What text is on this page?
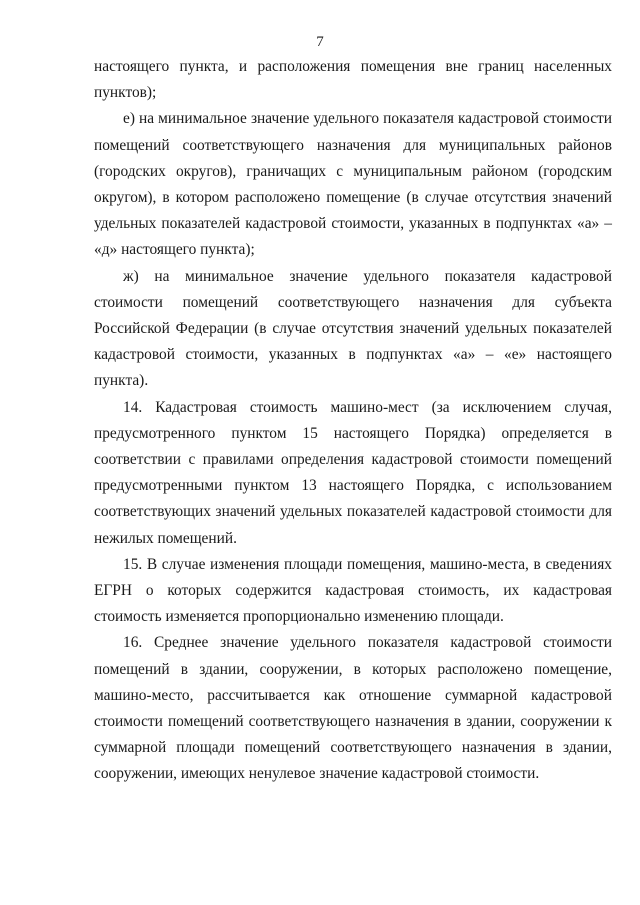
7

настоящего пункта, и расположения помещения вне границ населенных пунктов);

е) на минимальное значение удельного показателя кадастровой стоимости помещений соответствующего назначения для муниципальных районов (городских округов), граничащих с муниципальным районом (городским округом), в котором расположено помещение (в случае отсутствия значений удельных показателей кадастровой стоимости, указанных в подпунктах «а» – «д» настоящего пункта);

ж) на минимальное значение удельного показателя кадастровой стоимости помещений соответствующего назначения для субъекта Российской Федерации (в случае отсутствия значений удельных показателей кадастровой стоимости, указанных в подпунктах «а» – «е» настоящего пункта).

14. Кадастровая стоимость машино-мест (за исключением случая, предусмотренного пунктом 15 настоящего Порядка) определяется в соответствии с правилами определения кадастровой стоимости помещений предусмотренными пунктом 13 настоящего Порядка, с использованием соответствующих значений удельных показателей кадастровой стоимости для нежилых помещений.

15. В случае изменения площади помещения, машино-места, в сведениях ЕГРН о которых содержится кадастровая стоимость, их кадастровая стоимость изменяется пропорционально изменению площади.

16. Среднее значение удельного показателя кадастровой стоимости помещений в здании, сооружении, в которых расположено помещение, машино-место, рассчитывается как отношение суммарной кадастровой стоимости помещений соответствующего назначения в здании, сооружении к суммарной площади помещений соответствующего назначения в здании, сооружении, имеющих ненулевое значение кадастровой стоимости.
